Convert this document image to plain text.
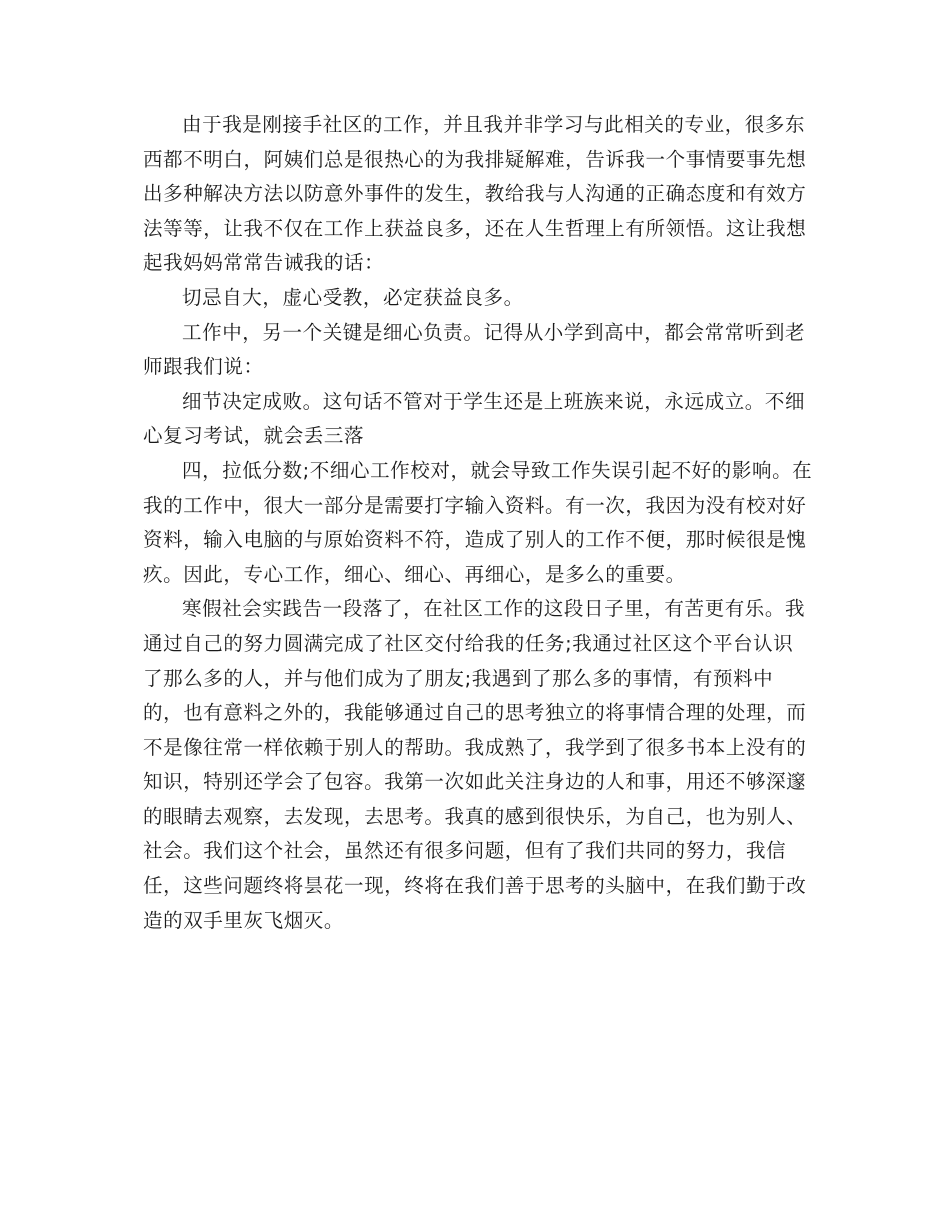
由于我是刚接手社区的工作，并且我并非学习与此相关的专业，很多东西都不明白，阿姨们总是很热心的为我排疑解难，告诉我一个事情要事先想出多种解决方法以防意外事件的发生，教给我与人沟通的正确态度和有效方法等等，让我不仅在工作上获益良多，还在人生哲理上有所领悟。这让我想起我妈妈常常告诫我的话：

切忌自大，虚心受教，必定获益良多。

工作中，另一个关键是细心负责。记得从小学到高中，都会常常听到老师跟我们说：

细节决定成败。这句话不管对于学生还是上班族来说，永远成立。不细心复习考试，就会丢三落

四，拉低分数;不细心工作校对，就会导致工作失误引起不好的影响。在我的工作中，很大一部分是需要打字输入资料。有一次，我因为没有校对好资料，输入电脑的与原始资料不符，造成了别人的工作不便，那时候很是愧疚。因此，专心工作，细心、细心、再细心，是多么的重要。

寒假社会实践告一段落了，在社区工作的这段日子里，有苦更有乐。我通过自己的努力圆满完成了社区交付给我的任务;我通过社区这个平台认识了那么多的人，并与他们成为了朋友;我遇到了那么多的事情，有预料中的，也有意料之外的，我能够通过自己的思考独立的将事情合理的处理，而不是像往常一样依赖于别人的帮助。我成熟了，我学到了很多书本上没有的知识，特别还学会了包容。我第一次如此关注身边的人和事，用还不够深邃的眼睛去观察，去发现，去思考。我真的感到很快乐，为自己，也为别人、社会。我们这个社会，虽然还有很多问题，但有了我们共同的努力，我信任，这些问题终将昙花一现，终将在我们善于思考的头脑中，在我们勤于改造的双手里灰飞烟灭。
